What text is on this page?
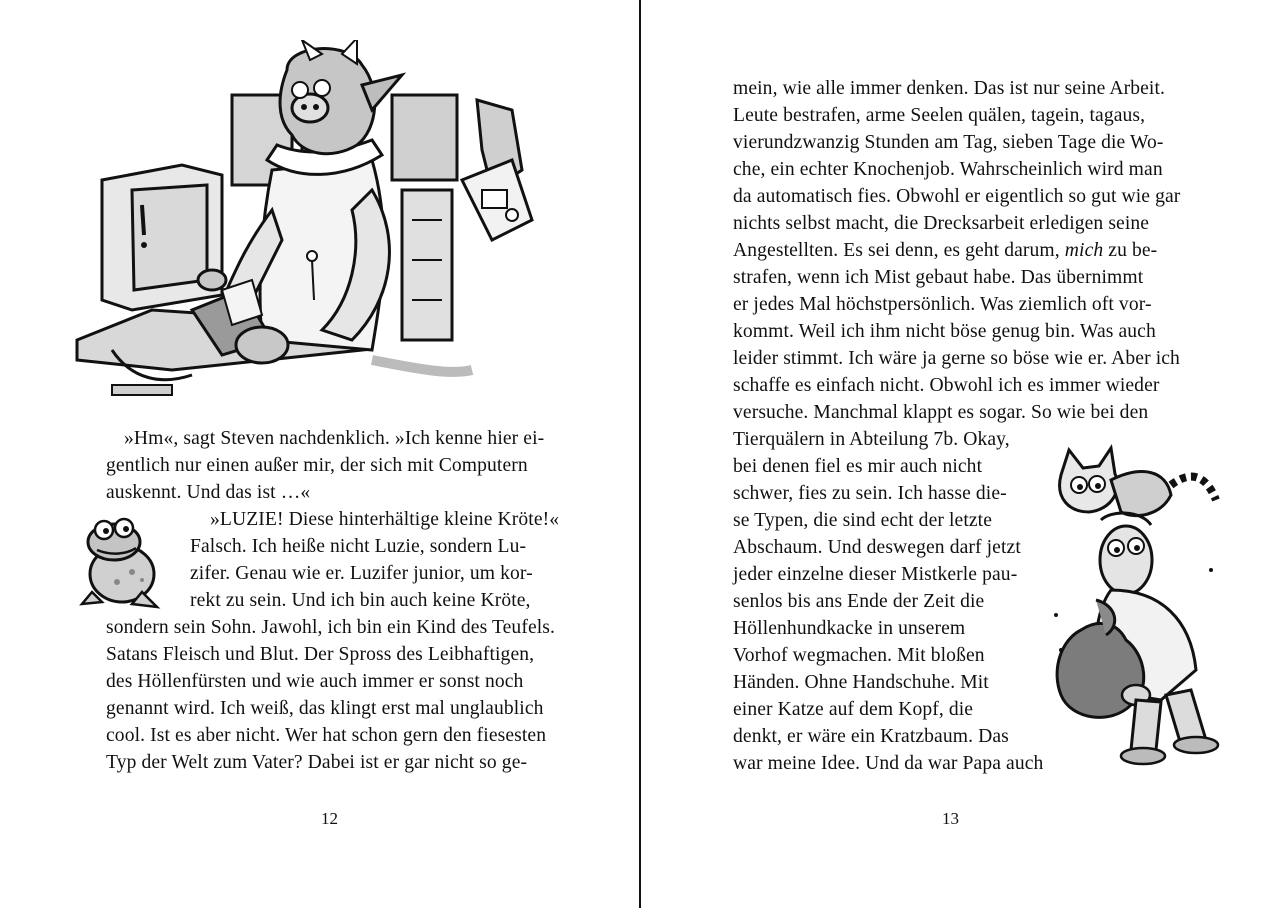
»Hm«, sagt Steven nachdenklich. »Ich kenne hier ei-
gentlich nur einen außer mir, der sich mit Computern
auskennt. Und das ist …«
»LUZIE! Diese hinterhältige kleine Kröte!«
Falsch. Ich heiße nicht Luzie, sondern Lu-
zifer. Genau wie er. Luzifer junior, um kor-
rekt zu sein. Und ich bin auch keine Kröte,
sondern sein Sohn. Jawohl, ich bin ein Kind des Teufels.
Satans Fleisch und Blut. Der Spross des Leibhaftigen,
des Höllenfürsten und wie auch immer er sonst noch
genannt wird. Ich weiß, das klingt erst mal unglaublich
cool. Ist es aber nicht. Wer hat schon gern den fiesesten
Typ der Welt zum Vater? Dabei ist er gar nicht so ge-
12
mein, wie alle immer denken. Das ist nur seine Arbeit.
Leute bestrafen, arme Seelen quälen, tagein, tagaus,
vierundzwanzig Stunden am Tag, sieben Tage die Wo-
che, ein echter Knochenjob. Wahrscheinlich wird man
da automatisch fies. Obwohl er eigentlich so gut wie gar
nichts selbst macht, die Drecksarbeit erledigen seine
Angestellten. Es sei denn, es geht darum, mich zu be-
strafen, wenn ich Mist gebaut habe. Das übernimmt
er jedes Mal höchstpersönlich. Was ziemlich oft vor-
kommt. Weil ich ihm nicht böse genug bin. Was auch
leider stimmt. Ich wäre ja gerne so böse wie er. Aber ich
schaffe es einfach nicht. Obwohl ich es immer wieder
versuche. Manchmal klappt es sogar. So wie bei den
Tierquälern in Abteilung 7b. Okay,
bei denen fiel es mir auch nicht
schwer, fies zu sein. Ich hasse die-
se Typen, die sind echt der letzte
Abschaum. Und deswegen darf jetzt
jeder einzelne dieser Mistkerle pau-
senlos bis ans Ende der Zeit die
Höllenhundkacke in unserem
Vorhof wegmachen. Mit bloßen
Händen. Ohne Handschuhe. Mit
einer Katze auf dem Kopf, die
denkt, er wäre ein Kratzbaum. Das
war meine Idee. Und da war Papa auch
13
